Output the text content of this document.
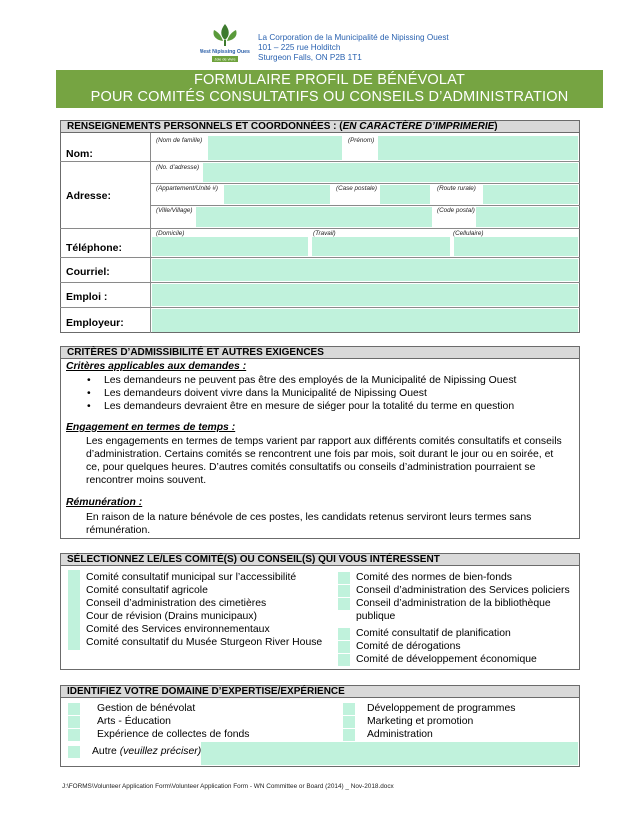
West Nipissing Ouest
Joie de vivre
La Corporation de la Municipalité de Nipissing Ouest
101 – 225 rue Holditch
Sturgeon Falls, ON P2B 1T1
FORMULAIRE PROFIL DE BÉNÉVOLAT
POUR COMITÉS CONSULTATIFS OU CONSEILS D’ADMINISTRATION
RENSEIGNEMENTS PERSONNELS ET COORDONNÉES : (EN CARACTÈRE D’IMPRIMERIE)
Nom:
(Nom de famille)	(Prénom)
Adresse:
(No. d’adresse)
(Appartement/Unité #)	(Case postale)	(Route rurale)
(Ville/Village)	(Code postal)
Téléphone:
(Domicile)	(Travail)	(Cellulaire)
Courriel:
Emploi :
Employeur:
CRITÈRES D’ADMISSIBILITÉ ET AUTRES EXIGENCES
Critères applicables aux demandes :
• Les demandeurs ne peuvent pas être des employés de la Municipalité de Nipissing Ouest
• Les demandeurs doivent vivre dans la Municipalité de Nipissing Ouest
• Les demandeurs devraient être en mesure de siéger pour la totalité du terme en question
Engagement en termes de temps :
Les engagements en termes de temps varient par rapport aux différents comités consultatifs et conseils
d’administration. Certains comités se rencontrent une fois par mois, soit durant le jour ou en soirée, et
ce, pour quelques heures. D’autres comités consultatifs ou conseils d’administration pourraient se
rencontrer moins souvent.
Rémunération :
En raison de la nature bénévole de ces postes, les candidats retenus serviront leurs termes sans
rémunération.
SÉLECTIONNEZ LE/LES COMITÉ(S) OU CONSEIL(S) QUI VOUS INTÉRESSENT
Comité consultatif municipal sur l’accessibilité
Comité consultatif agricole
Conseil d’administration des cimetières
Cour de révision (Drains municipaux)
Comité des Services environnementaux
Comité consultatif du Musée Sturgeon River House
Comité des normes de bien-fonds
Conseil d’administration des Services policiers
Conseil d’administration de la bibliothèque
publique
Comité consultatif de planification
Comité de dérogations
Comité de développement économique
IDENTIFIEZ VOTRE DOMAINE D’EXPERTISE/EXPÉRIENCE
Gestion de bénévolat
Arts - Éducation
Expérience de collectes de fonds
Développement de programmes
Marketing et promotion
Administration
Autre (veuillez préciser)
J:\FORMS\Volunteer Application Form\Volunteer Application Form - WN Committee or Board (2014) _ Nov-2018.docx
